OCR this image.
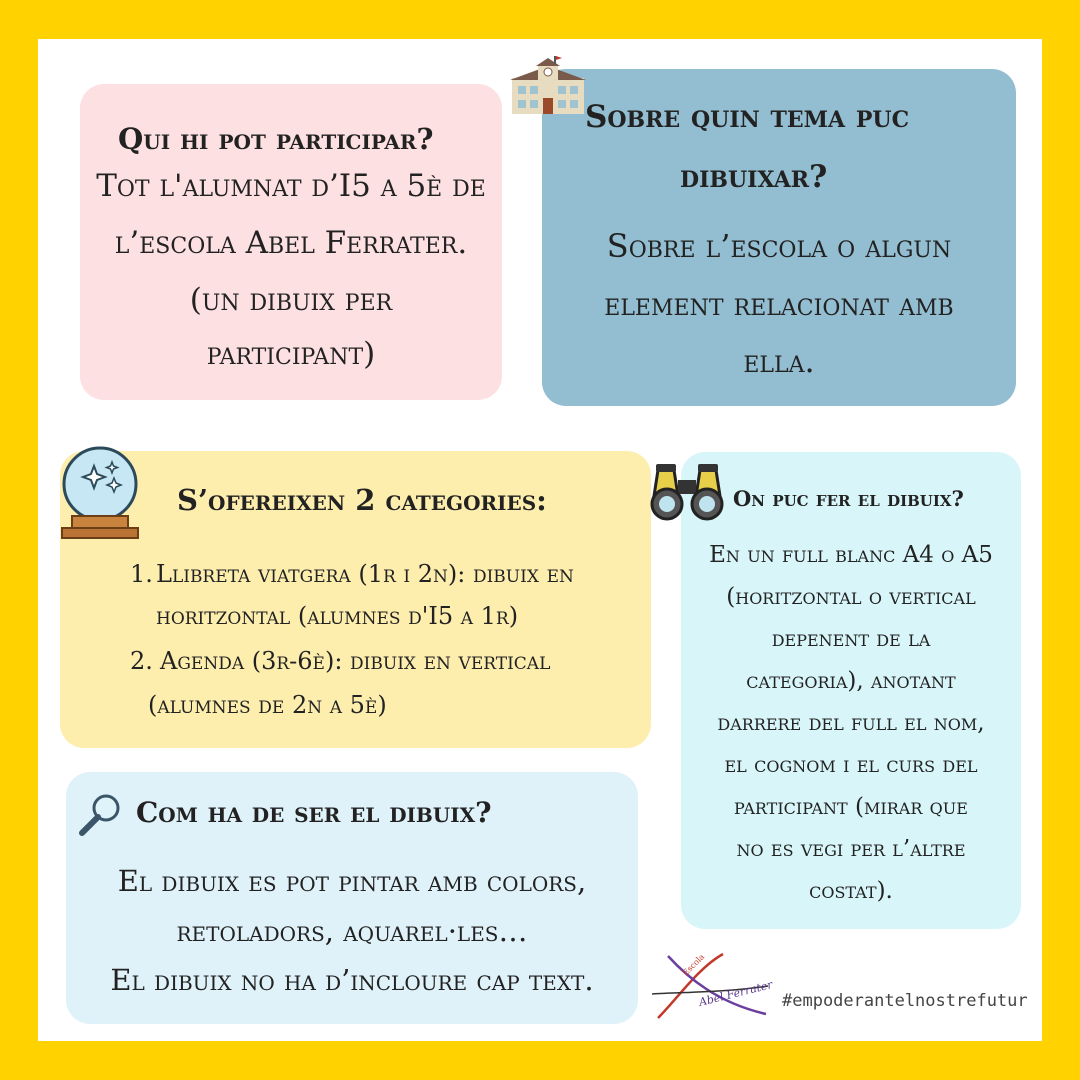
Qui hi pot participar?
Tot l'alumnat d’I5 a 5è de
l’escola Abel Ferrater.
(un dibuix per
participant)
Sobre quin tema puc
dibuixar?
Sobre l’escola o algun
element relacionat amb
ella.
S’ofereixen 2 categories:
1. Llibreta viatgera (1r i 2n): dibuix en
horitzontal (alumnes d'I5 a 1r)
2. Agenda (3r-6è): dibuix en vertical
(alumnes de 2n a 5è)
On puc fer el dibuix?
En un full blanc A4 o A5
(horitzontal o vertical
depenent de la
categoria), anotant
darrere del full el nom,
el cognom i el curs del
participant (mirar que
no es vegi per l’altre
costat).
Com ha de ser el dibuix?
El dibuix es pot pintar amb colors,
retoladors, aquarel·les…
El dibuix no ha d’incloure cap text.	Escola
Abel Ferrater #empoderantelnostrefutur
